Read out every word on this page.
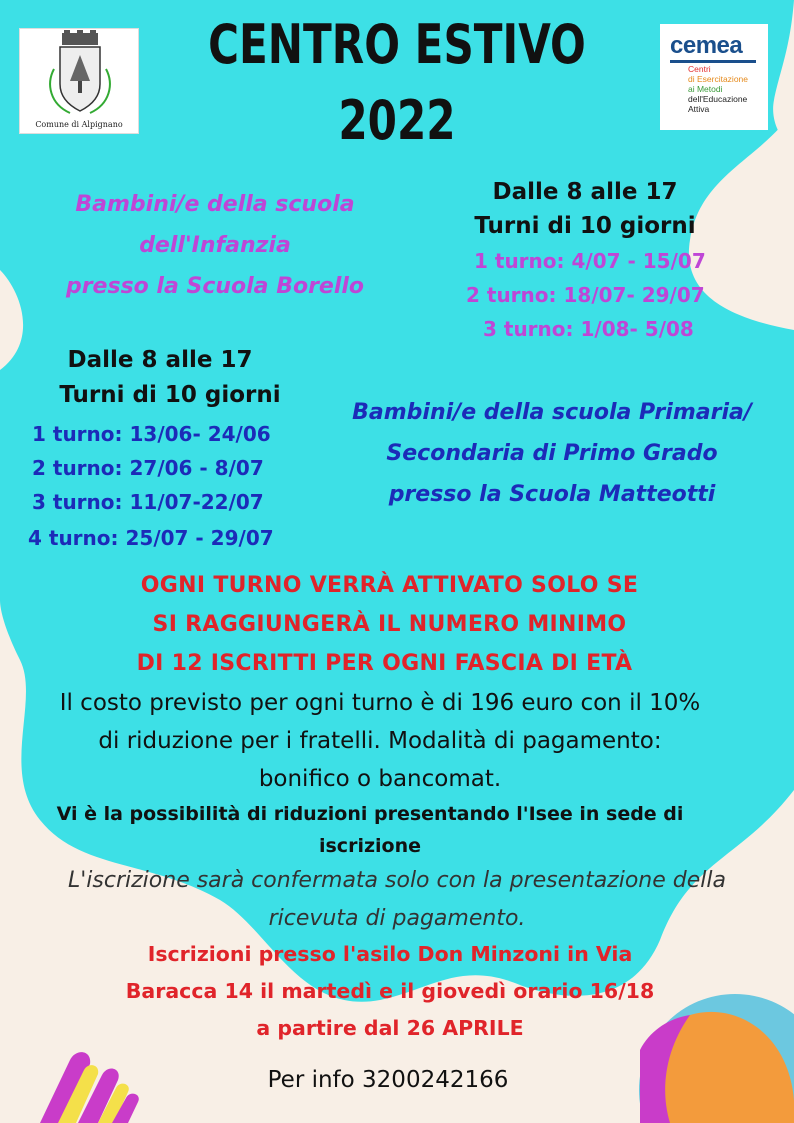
Comune di Alpignano
cemea
Centri
di Esercitazione
ai Metodi
dell'Educazione
Attiva
CENTRO ESTIVO
2022
Bambini/e della scuola
dell'Infanzia
presso la Scuola Borello
Dalle 8 alle 17
Turni di 10 giorni
1 turno: 4/07 - 15/07
2 turno: 18/07- 29/07
3 turno: 1/08- 5/08
Dalle 8 alle 17
Turni di 10 giorni
1 turno: 13/06- 24/06
2 turno: 27/06 - 8/07
3 turno: 11/07-22/07
4 turno: 25/07 - 29/07
Bambini/e della scuola Primaria/
Secondaria di Primo Grado
presso la Scuola Matteotti
OGNI TURNO VERRÀ ATTIVATO SOLO SE
SI RAGGIUNGERÀ IL NUMERO MINIMO
DI 12 ISCRITTI PER OGNI FASCIA DI ETÀ
Il costo previsto per ogni turno è di 196 euro con il 10%
di riduzione per i fratelli. Modalità di pagamento:
bonifico o bancomat.
Vi è la possibilità di riduzioni presentando l'Isee in sede di
iscrizione
L'iscrizione sarà confermata solo con la presentazione della
ricevuta di pagamento.
Iscrizioni presso l'asilo Don Minzoni in Via
Baracca 14 il martedì e il giovedì orario 16/18
a partire dal 26 APRILE
Per info 3200242166
